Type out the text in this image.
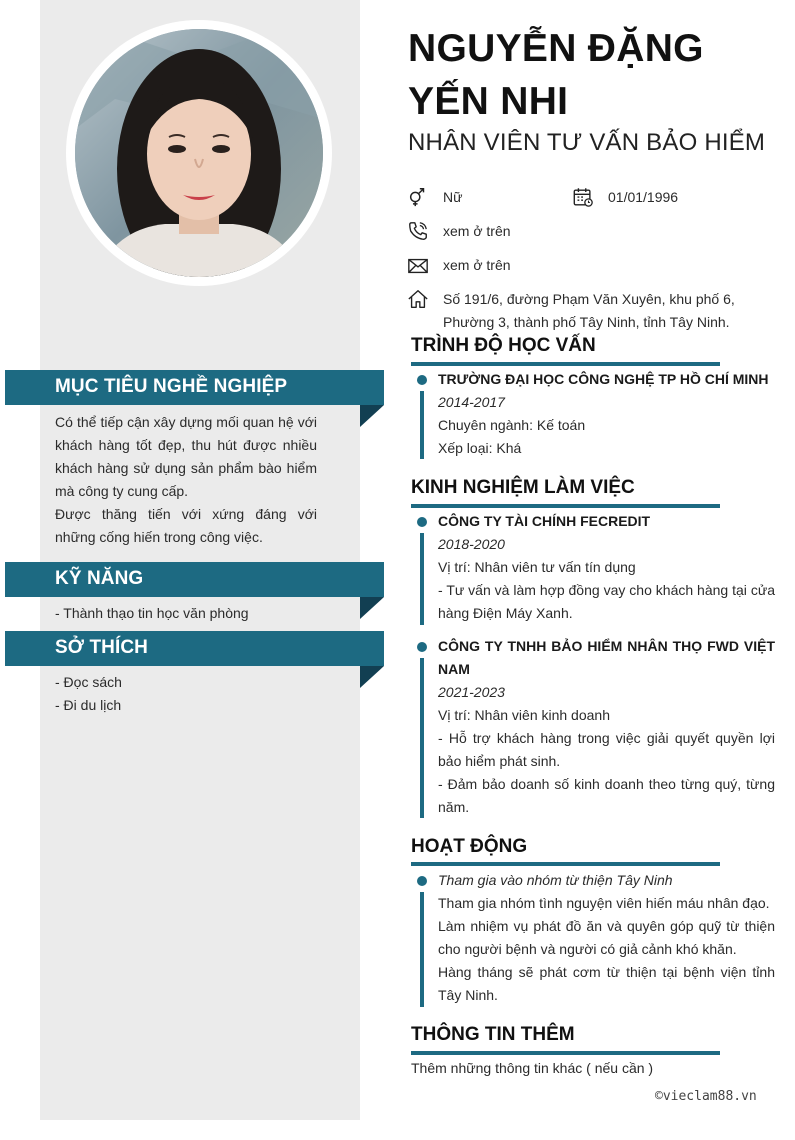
MỤC TIÊU NGHỀ NGHIỆP
Có thể tiếp cận xây dựng mối quan hệ với khách hàng tốt đẹp, thu hút được nhiều khách hàng sử dụng sản phẩm bào hiểm mà công ty cung cấp.
Được thăng tiến với xứng đáng với những cống hiến trong công việc.
KỸ NĂNG
- Thành thạo tin học văn phòng
SỞ THÍCH
- Đọc sách
- Đi du lịch
NGUYỄN ĐẶNG YẾN NHI
NHÂN VIÊN TƯ VẤN BẢO HIỂM
Nữ	01/01/1996
xem ở trên
xem ở trên
Số 191/6, đường Phạm Văn Xuyên, khu phố 6, Phường 3, thành phố Tây Ninh, tỉnh Tây Ninh.
TRÌNH ĐỘ HỌC VẤN
TRƯỜNG ĐẠI HỌC CÔNG NGHỆ TP HỒ CHÍ MINH
2014-2017
Chuyên ngành: Kế toán
Xếp loại: Khá
KINH NGHIỆM LÀM VIỆC
CÔNG TY TÀI CHÍNH FECREDIT
2018-2020
Vị trí: Nhân viên tư vấn tín dụng
- Tư vấn và làm hợp đồng vay cho khách hàng tại cửa hàng Điện Máy Xanh.
CÔNG TY TNHH BẢO HIỂM NHÂN THỌ FWD VIỆT NAM
2021-2023
Vị trí: Nhân viên kinh doanh
- Hỗ trợ khách hàng trong việc giải quyết quyền lợi bảo hiểm phát sinh.
- Đảm bảo doanh số kinh doanh theo từng quý, từng năm.
HOẠT ĐỘNG
Tham gia vào nhóm từ thiện Tây Ninh
Tham gia nhóm tình nguyện viên hiến máu nhân đạo.
Làm nhiệm vụ phát đồ ăn và quyên góp quỹ từ thiện cho người bệnh và người có giả cảnh khó khăn.
Hàng tháng sẽ phát cơm từ thiện tại bệnh viện tỉnh Tây Ninh.
THÔNG TIN THÊM
Thêm những thông tin khác ( nếu cần )
©vieclam88.vn
